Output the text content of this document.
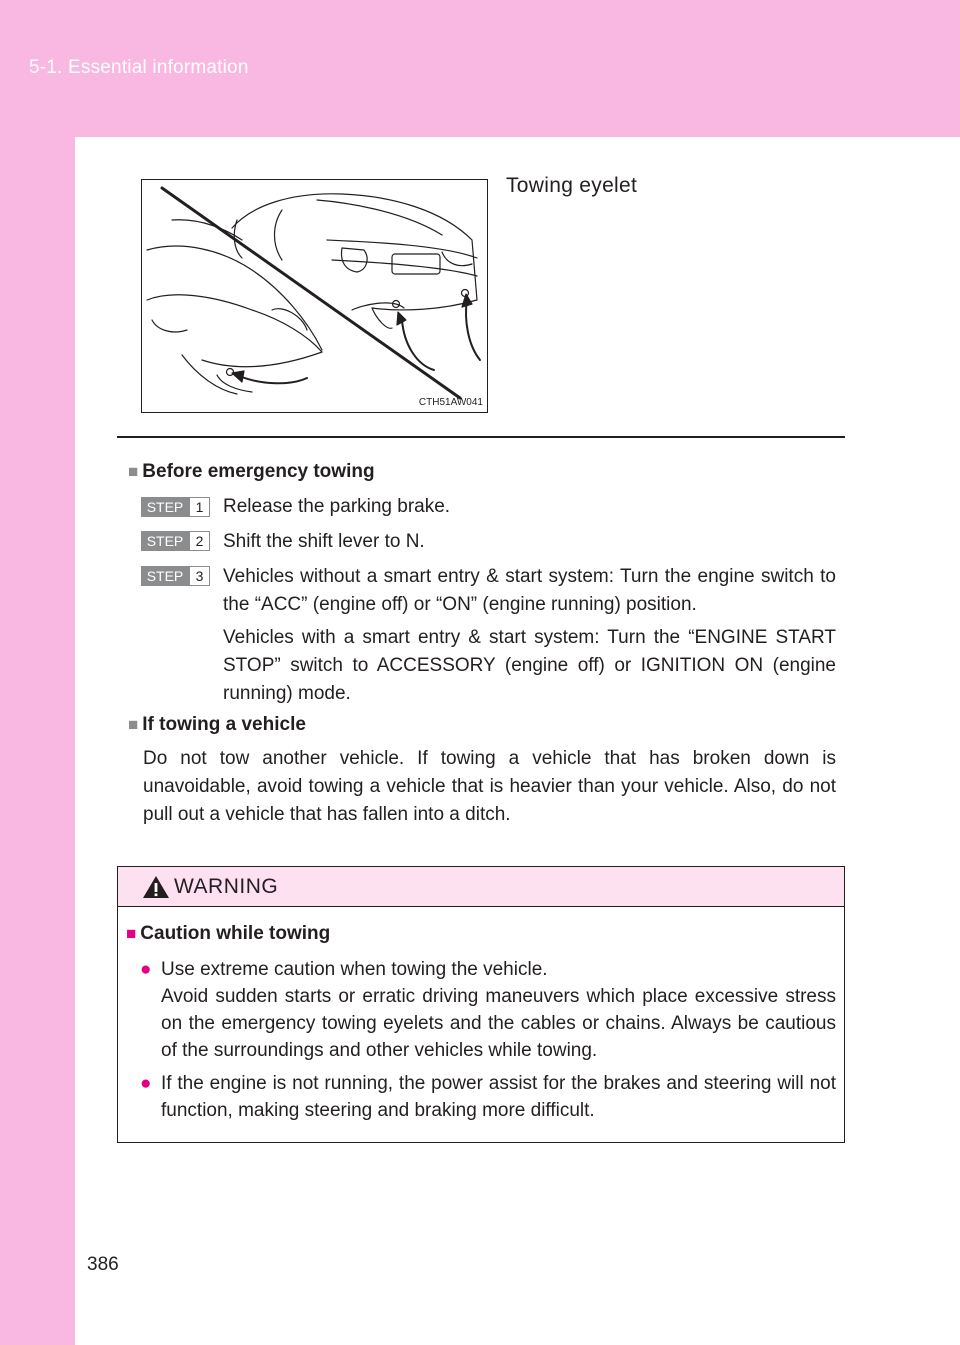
5-1. Essential information
CTH51AW041
Towing eyelet
■ Before emergency towing
STEP 1	Release the parking brake.
STEP 2	Shift the shift lever to N.
STEP 3	Vehicles without a smart entry & start system: Turn the engine switch to the “ACC” (engine off) or “ON” (engine running) position.
Vehicles with a smart entry & start system: Turn the “ENGINE START STOP” switch to ACCESSORY (engine off) or IGNITION ON (engine running) mode.
■ If towing a vehicle
Do not tow another vehicle. If towing a vehicle that has broken down is unavoidable, avoid towing a vehicle that is heavier than your vehicle. Also, do not pull out a vehicle that has fallen into a ditch.
WARNING
■ Caution while towing
● Use extreme caution when towing the vehicle.
Avoid sudden starts or erratic driving maneuvers which place excessive stress on the emergency towing eyelets and the cables or chains. Always be cautious of the surroundings and other vehicles while towing.
● If the engine is not running, the power assist for the brakes and steering will not function, making steering and braking more difficult.
386
